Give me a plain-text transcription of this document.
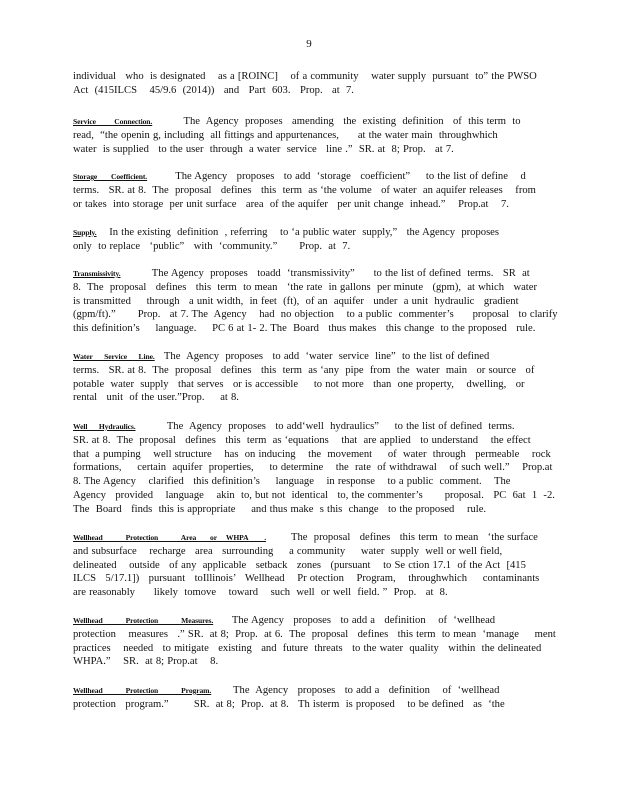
9
individual   who  is designated    as a [ROINC]    of a community    water supply  pursuant  to” the PWSO
Act  (415ILCS    45/9.6  (2014))   and   Part  603.   Prop.   at  7.
Service        Connection.          The  Agency  proposes   amending   the  existing  definition   of  this term  to
read,  “the openin g, including  all fittings and appurtenances,      at the water main  throughwhich
water  is supplied   to the user  through  a water  service   line .”  SR. at  8; Prop.   at 7.
Storage      Coefficient.         The Agency   proposes   to add  ‘storage   coefficient”     to the list of define    d
terms.   SR. at 8.  The  proposal   defines   this  term  as ‘the volume   of water  an aquifer releases    from
or takes  into storage  per unit surface   area  of the aquifer   per unit change  inhead.”    Prop.at    7.
Supply.    In the existing  definition  , referring    to ‘a public water  supply,”   the Agency  proposes
only  to replace   ‘public”   with  ‘community.”       Prop.  at  7.
Transmissivity.          The Agency  proposes   toadd  ‘transmissivity”      to the list of defined  terms.   SR  at
8.  The  proposal   defines   this  term  to mean   ‘the rate  in gallons  per minute   (gpm),  at which   water
is transmitted     through   a unit width,  in feet  (ft),  of an  aquifer   under  a unit  hydraulic   gradient
(gpm/ft).”       Prop.   at 7. The  Agency    had  no objection    to a public  commenter’s      proposal   to clarify
this definition’s     language.     PC 6 at 1- 2. The  Board   thus makes   this change  to the proposed   rule.
Water     Service     Line.   The  Agency  proposes   to add  ‘water  service  line”  to the list of defined
terms.   SR. at 8.  The  proposal   defines   this  term  as ‘any  pipe  from  the  water  main   or source   of
potable  water  supply   that serves   or is accessible     to not more   than  one property,    dwelling,   or
rental   unit  of the user.”Prop.     at 8.
Well     Hydraulics.          The  Agency  proposes   to add‘well  hydraulics”     to the list of defined  terms.
SR. at 8.  The  proposal   defines   this  term  as ‘equations    that  are applied   to understand    the effect
that  a pumping    well structure    has  on inducing    the  movement     of  water  through   permeable    rock
formations,     certain  aquifer  properties,     to determine    the  rate  of withdrawal    of such well.”    Prop.at
8. The Agency    clarified   this definition’s     language    in response    to a public  comment.    The
Agency   provided    language    akin  to, but not  identical   to, the commenter’s       proposal.   PC  6at  1  -2.
The  Board   finds  this is appropriate     and thus make  s this  change   to the proposed    rule.
Wellhead          Protection          Area      or    WHPA       .        The  proposal   defines   this term  to mean   ‘the surface
and subsurface    recharge   area   surrounding     a community     water  supply  well or well field,
delineated    outside   of any  applicable   setback   zones   (pursuant    to Se ction 17.1  of the Act  [415
ILCS   5/17.1])   pursuant   toIllinois’   Wellhead    Pr otection    Program,    throughwhich     contaminants
are reasonably      likely  tomove    toward    such  well  or well  field. ”  Prop.   at  8.
Wellhead          Protection          Measures.      The Agency   proposes   to add a   definition    of  ‘wellhead
protection    measures   .” SR.  at 8;  Prop.  at 6.  The  proposal   defines   this term  to mean  ‘manage     ment
practices    needed   to mitigate   existing   and  future  threats   to the water  quality   within  the delineated
WHPA.”    SR.  at 8; Prop.at    8.
Wellhead          Protection          Program.       The  Agency   proposes   to add a   definition    of  ‘wellhead
protection   program.”        SR.  at 8;  Prop.  at 8.   Th isterm  is proposed    to be defined   as  ‘the
